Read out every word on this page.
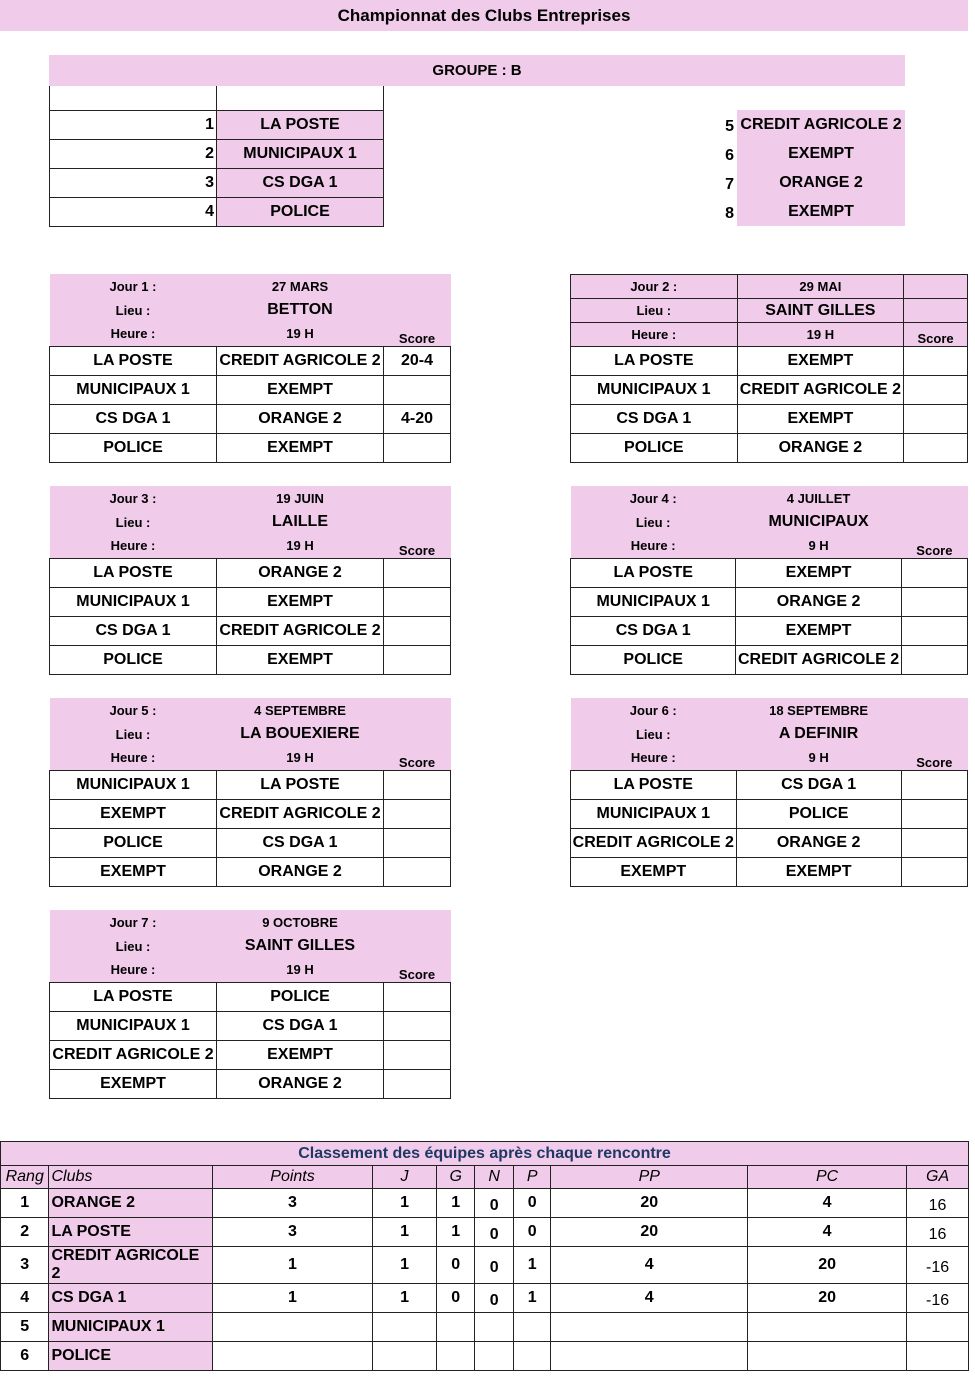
Championnat des Clubs Entreprises
GROUPE : B

1	LA POSTE
2	MUNICIPAUX 1
3	CS DGA 1
4	POLICE
5	CREDIT AGRICOLE 2
6	EXEMPT
7	ORANGE 2
8	EXEMPT
Jour 1 :	27 MARS	
Lieu :	BETTON	
Heure :	19 H	Score
LA POSTE	CREDIT AGRICOLE 2	20-4
MUNICIPAUX 1	EXEMPT	
CS DGA 1	ORANGE 2	4-20
POLICE	EXEMPT	
Jour 2 :	29 MAI	
Lieu :	SAINT GILLES	
Heure :	19 H	Score
LA POSTE	EXEMPT	
MUNICIPAUX 1	CREDIT AGRICOLE 2	
CS DGA 1	EXEMPT	
POLICE	ORANGE 2	
Jour 3 :	19 JUIN	
Lieu :	LAILLE	
Heure :	19 H	Score
LA POSTE	ORANGE 2	
MUNICIPAUX 1	EXEMPT	
CS DGA 1	CREDIT AGRICOLE 2	
POLICE	EXEMPT	
Jour 4 :	4 JUILLET	
Lieu :	MUNICIPAUX	
Heure :	9 H	Score
LA POSTE	EXEMPT	
MUNICIPAUX 1	ORANGE 2	
CS DGA 1	EXEMPT	
POLICE	CREDIT AGRICOLE 2	
Jour 5 :	4 SEPTEMBRE	
Lieu :	LA BOUEXIERE	
Heure :	19 H	Score
MUNICIPAUX 1	LA POSTE	
EXEMPT	CREDIT AGRICOLE 2	
POLICE	CS DGA 1	
EXEMPT	ORANGE 2	
Jour 6 :	18 SEPTEMBRE	
Lieu :	A DEFINIR	
Heure :	9 H	Score
LA POSTE	CS DGA 1	
MUNICIPAUX 1	POLICE	
CREDIT AGRICOLE 2	ORANGE 2	
EXEMPT	EXEMPT	
Jour 7 :	9 OCTOBRE	
Lieu :	SAINT GILLES	
Heure :	19 H	Score
LA POSTE	POLICE	
MUNICIPAUX 1	CS DGA 1	
CREDIT AGRICOLE 2	EXEMPT	
EXEMPT	ORANGE 2	
Classement des équipes après chaque rencontre									
Rang	Clubs	Points	J	G	N	P	PP	PC	GA
1	ORANGE 2	3	1	1	0	0	20	4	16
2	LA POSTE	3	1	1	0	0	20	4	16
3	CREDIT AGRICOLE 2	1	1	0	0	1	4	20	-16
4	CS DGA 1	1	1	0	0	1	4	20	-16
5	MUNICIPAUX 1								
6	POLICE								
